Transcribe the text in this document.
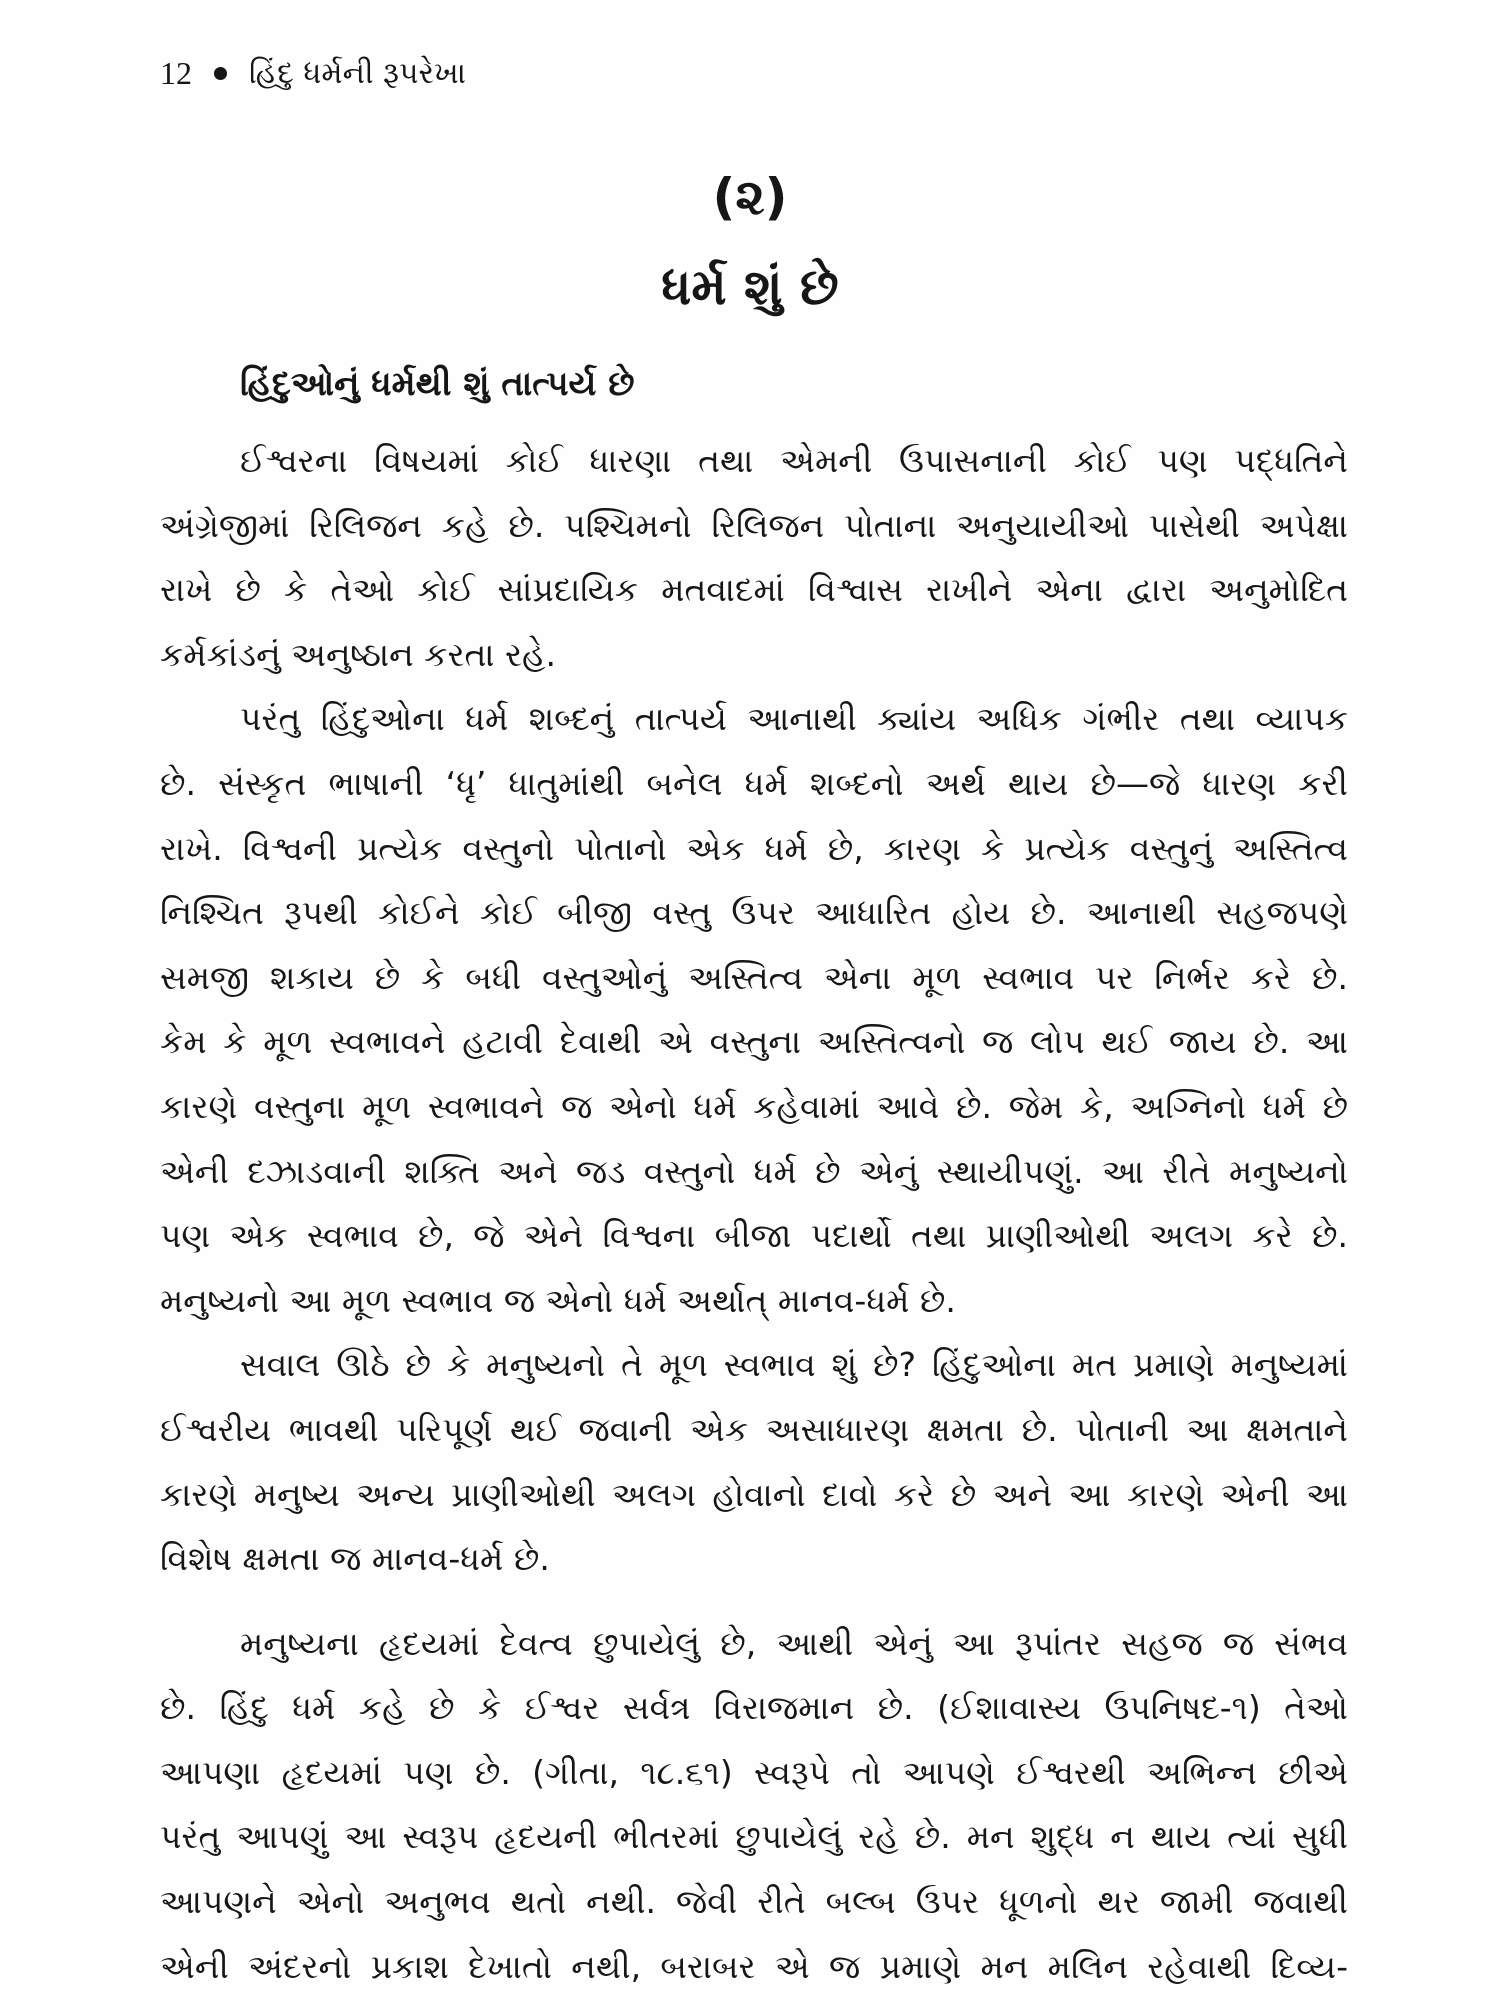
12 હિંદુ ધર્મની રૂપરેખા
(૨)
ધર્મ શું છે
હિંદુઓનું ધર્મથી શું તાત્પર્ય છે
ઈશ્વરના વિષયમાં કોઈ ધારણા તથા એમની ઉપાસનાની કોઈ પણ પદ્ધતિને
અંગ્રેજીમાં રિલિજન કહે છે. પશ્ચિમનો રિલિજન પોતાના અનુયાયીઓ પાસેથી અપેક્ષા
રાખે છે કે તેઓ કોઈ સાંપ્રદાયિક મતવાદમાં વિશ્વાસ રાખીને એના દ્વારા અનુમોદિત
કર્મકાંડનું અનુષ્ઠાન કરતા રહે.
પરંતુ હિંદુઓના ધર્મ શબ્દનું તાત્પર્ય આનાથી ક્યાંય અધિક ગંભીર તથા વ્યાપક
છે. સંસ્કૃત ભાષાની ‘ધૃ’ ધાતુમાંથી બનેલ ધર્મ શબ્દનો અર્થ થાય છે—જે ધારણ કરી
રાખે. વિશ્વની પ્રત્યેક વસ્તુનો પોતાનો એક ધર્મ છે, કારણ કે પ્રત્યેક વસ્તુનું અસ્તિત્વ
નિશ્ચિત રૂપથી કોઈને કોઈ બીજી વસ્તુ ઉપર આધારિત હોય છે. આનાથી સહજપણે
સમજી શકાય છે કે બધી વસ્તુઓનું અસ્તિત્વ એના મૂળ સ્વભાવ પર નિર્ભર કરે છે.
કેમ કે મૂળ સ્વભાવને હટાવી દેવાથી એ વસ્તુના અસ્તિત્વનો જ લોપ થઈ જાય છે. આ
કારણે વસ્તુના મૂળ સ્વભાવને જ એનો ધર્મ કહેવામાં આવે છે. જેમ કે, અગ્નિનો ધર્મ છે
એની દઝાડવાની શક્તિ અને જડ વસ્તુનો ધર્મ છે એનું સ્થાયીપણું. આ રીતે મનુષ્યનો
પણ એક સ્વભાવ છે, જે એને વિશ્વના બીજા પદાર્થો તથા પ્રાણીઓથી અલગ કરે છે.
મનુષ્યનો આ મૂળ સ્વભાવ જ એનો ધર્મ અર્થાત્ માનવ-ધર્મ છે.
સવાલ ઊઠે છે કે મનુષ્યનો તે મૂળ સ્વભાવ શું છે? હિંદુઓના મત પ્રમાણે મનુષ્યમાં
ઈશ્વરીય ભાવથી પરિપૂર્ણ થઈ જવાની એક અસાધારણ ક્ષમતા છે. પોતાની આ ક્ષમતાને
કારણે મનુષ્ય અન્ય પ્રાણીઓથી અલગ હોવાનો દાવો કરે છે અને આ કારણે એની આ
વિશેષ ક્ષમતા જ માનવ-ધર્મ છે.
મનુષ્યના હૃદયમાં દેવત્વ છુપાયેલું છે, આથી એનું આ રૂપાંતર સહજ જ સંભવ
છે. હિંદુ ધર્મ કહે છે કે ઈશ્વર સર્વત્ર વિરાજમાન છે. (ઈશાવાસ્ય ઉપનિષદ-૧) તેઓ
આપણા હૃદયમાં પણ છે. (ગીતા, ૧૮.૬૧) સ્વરૂપે તો આપણે ઈશ્વરથી અભિન્ન છીએ
પરંતુ આપણું આ સ્વરૂપ હૃદયની ભીતરમાં છુપાયેલું રહે છે. મન શુદ્ધ ન થાય ત્યાં સુધી
આપણને એનો અનુભવ થતો નથી. જેવી રીતે બલ્બ ઉપર ધૂળનો થર જામી જવાથી
એની અંદરનો પ્રકાશ દેખાતો નથી, બરાબર એ જ પ્રમાણે મન મલિન રહેવાથી દિવ્ય-
